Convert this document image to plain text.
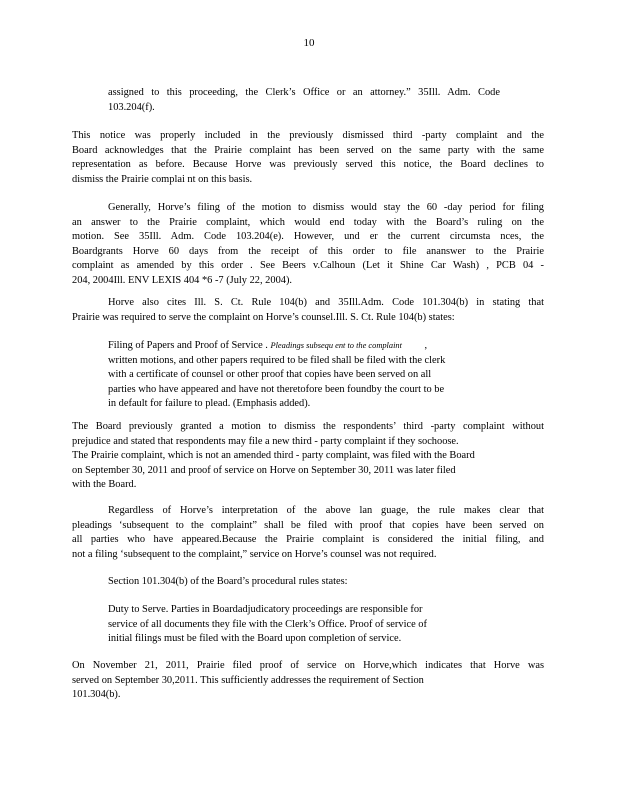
10
assigned to this proceeding, the Clerk’s Office or an attorney.” 35Ill. Adm. Code
103.204(f).
This notice was properly included in the previously dismissed third -party complaint and the
Board acknowledges that the Prairie complaint has been served on the same party with the same
representation as before. Because Horve was previously served this notice, the Board declines to
dismiss the Prairie complai nt on this basis.
Generally, Horve’s filing of the motion to dismiss would stay the 60 -day period for filing
an answer to the Prairie complaint, which would end today with the Board’s ruling on the
motion. See 35Ill. Adm. Code 103.204(e). However, und er the current circumsta nces, the
Boardgrants Horve 60 days from the receipt of this order to file ananswer to the Prairie
complaint as amended by this order . See Beers v.Calhoun (Let it Shine Car Wash) , PCB 04 -
204, 2004Ill. ENV LEXIS 404 *6 -7 (July 22, 2004).
Horve also cites Ill. S. Ct. Rule 104(b) and 35Ill.Adm. Code 101.304(b) in stating that
Prairie was required to serve the complaint on Horve’s counsel.Ill. S. Ct. Rule 104(b) states:
Filing of Papers and Proof of Service . Pleadings subsequ ent to the complaint ,
written motions, and other papers required to be filed shall be filed with the clerk
with a certificate of counsel or other proof that copies have been served on all
parties who have appeared and have not theretofore been foundby the court to be
in default for failure to plead. (Emphasis added).
The Board previously granted a motion to dismiss the respondents’ third -party complaint without
prejudice and stated that respondents may file a new third - party complaint if they sochoose.
The Prairie complaint, which is not an amended third - party complaint, was filed with the Board
on September 30, 2011 and proof of service on Horve on September 30, 2011 was later filed
with the Board.
Regardless of Horve’s interpretation of the above lan guage, the rule makes clear that
pleadings ‘subsequent to the complaint” shall be filed with proof that copies have been served on
all parties who have appeared.Because the Prairie complaint is considered the initial filing, and
not a filing ‘subsequent to the complaint,” service on Horve’s counsel was not required.
Section 101.304(b) of the Board’s procedural rules states:
Duty to Serve. Parties in Boardadjudicatory proceedings are responsible for
service of all documents they file with the Clerk’s Office. Proof of service of
initial filings must be filed with the Board upon completion of service.
On November 21, 2011, Prairie filed proof of service on Horve,which indicates that Horve was
served on September 30,2011. This sufficiently addresses the requirement of Section
101.304(b).
